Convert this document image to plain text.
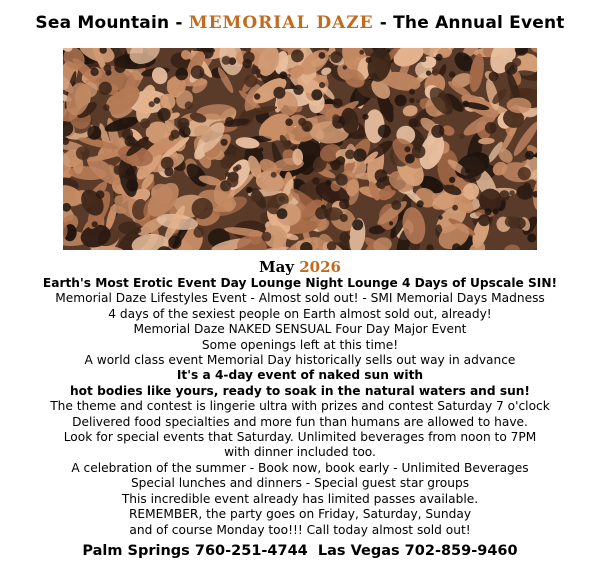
Sea Mountain - MEMORIAL DAZE - The Annual Event
May 2026
Earth's Most Erotic Event Day Lounge Night Lounge 4 Days of Upscale SIN!
Memorial Daze Lifestyles Event - Almost sold out! - SMI Memorial Days Madness
4 days of the sexiest people on Earth almost sold out, already!
Memorial Daze NAKED SENSUAL Four Day Major Event
Some openings left at this time!
A world class event Memorial Day historically sells out way in advance
It's a 4-day event of naked sun with
hot bodies like yours, ready to soak in the natural waters and sun!
The theme and contest is lingerie ultra with prizes and contest Saturday 7 o'clock
Delivered food specialties and more fun than humans are allowed to have.
Look for special events that Saturday. Unlimited beverages from noon to 7PM
with dinner included too.
A celebration of the summer - Book now, book early - Unlimited Beverages
Special lunches and dinners - Special guest star groups
This incredible event already has limited passes available.
REMEMBER, the party goes on Friday, Saturday, Sunday
and of course Monday too!!! Call today almost sold out!
Palm Springs 760-251-4744  Las Vegas 702-859-9460
